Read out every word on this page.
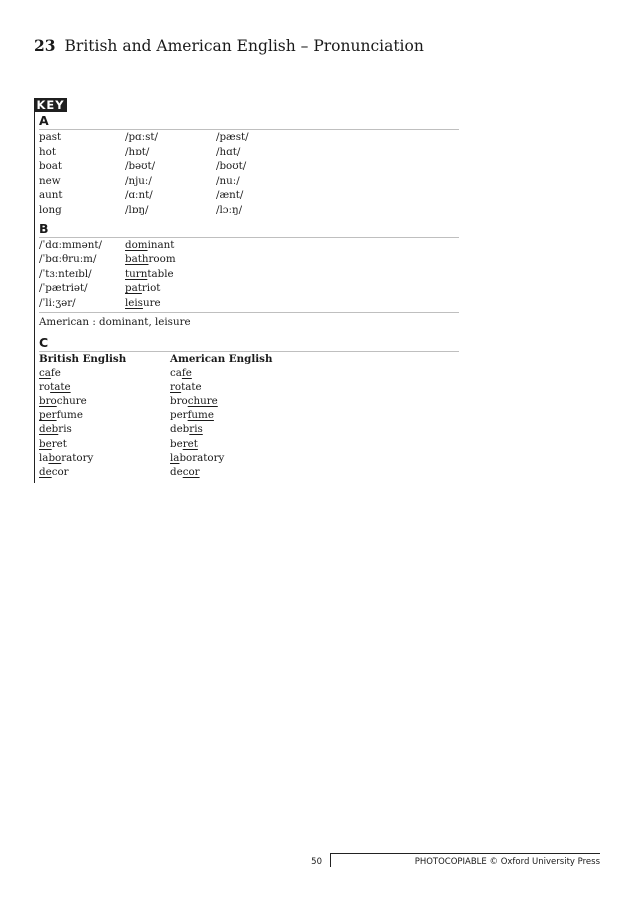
23 British and American English – Pronunciation
KEY
A
past	/pɑːst/	/pæst/
hot	/hɒt/	/hɑt/
boat	/bəʊt/	/boʊt/
new	/njuː/	/nuː/
aunt	/ɑːnt/	/ænt/
long	/lɒŋ/	/lɔːŋ/
B
/ˈdɑːmɪnənt/	dominant
/ˈbɑːθruːm/	bathroom
/ˈtɜːnteɪbl/	turntable
/ˈpætriət/	patriot
/ˈliːʒər/	leisure
American : dominant, leisure
C
British English	American English
cafe	cafe
rotate	rotate
brochure	brochure
perfume	perfume
debris	debris
beret	beret
laboratory	laboratory
decor	decor
50	PHOTOCOPIABLE © Oxford University Press
